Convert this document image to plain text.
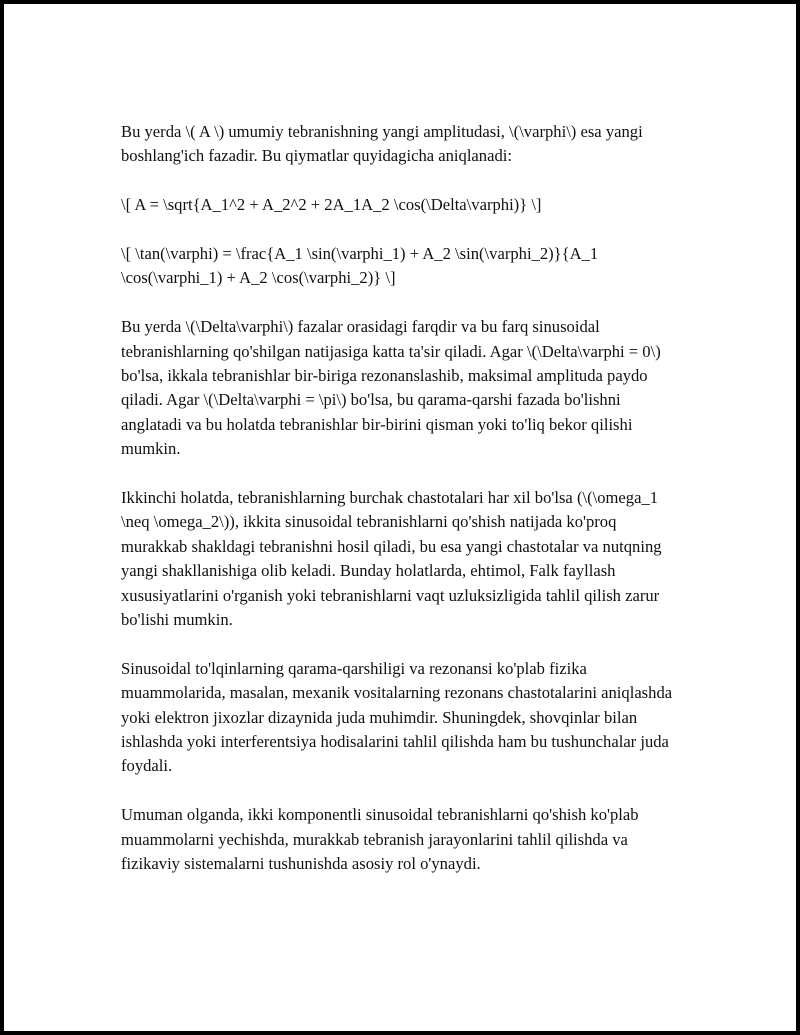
Bu yerda \( A \) umumiy tebranishning yangi amplitudasi, \(\varphi\) esa yangi boshlang'ich fazadir. Bu qiymatlar quyidagicha aniqlanadi:

\[ A = \sqrt{A_1^2 + A_2^2 + 2A_1A_2 \cos(\Delta\varphi)} \]

\[ \tan(\varphi) = \frac{A_1 \sin(\varphi_1) + A_2 \sin(\varphi_2)}{A_1 \cos(\varphi_1) + A_2 \cos(\varphi_2)} \]

Bu yerda \(\Delta\varphi\) fazalar orasidagi farqdir va bu farq sinusoidal tebranishlarning qo'shilgan natijasiga katta ta'sir qiladi. Agar \(\Delta\varphi = 0\) bo'lsa, ikkala tebranishlar bir-biriga rezonanslashib, maksimal amplituda paydo qiladi. Agar \(\Delta\varphi = \pi\) bo'lsa, bu qarama-qarshi fazada bo'lishni anglatadi va bu holatda tebranishlar bir-birini qisman yoki to'liq bekor qilishi mumkin.

Ikkinchi holatda, tebranishlarning burchak chastotalari har xil bo'lsa (\(\omega_1 \neq \omega_2\)), ikkita sinusoidal tebranishlarni qo'shish natijada ko'proq murakkab shakldagi tebranishni hosil qiladi, bu esa yangi chastotalar va nutqning yangi shakllanishiga olib keladi. Bunday holatlarda, ehtimol, Falk fayllash xususiyatlarini o'rganish yoki tebranishlarni vaqt uzluksizligida tahlil qilish zarur bo'lishi mumkin.

Sinusoidal to'lqinlarning qarama-qarshiligi va rezonansi ko'plab fizika muammolarida, masalan, mexanik vositalarning rezonans chastotalarini aniqlashda yoki elektron jixozlar dizaynida juda muhimdir. Shuningdek, shovqinlar bilan ishlashda yoki interferentsiya hodisalarini tahlil qilishda ham bu tushunchalar juda foydali.

Umuman olganda, ikki komponentli sinusoidal tebranishlarni qo'shish ko'plab muammolarni yechishda, murakkab tebranish jarayonlarini tahlil qilishda va fizikaviy sistemalarni tushunishda asosiy rol o'ynaydi.
